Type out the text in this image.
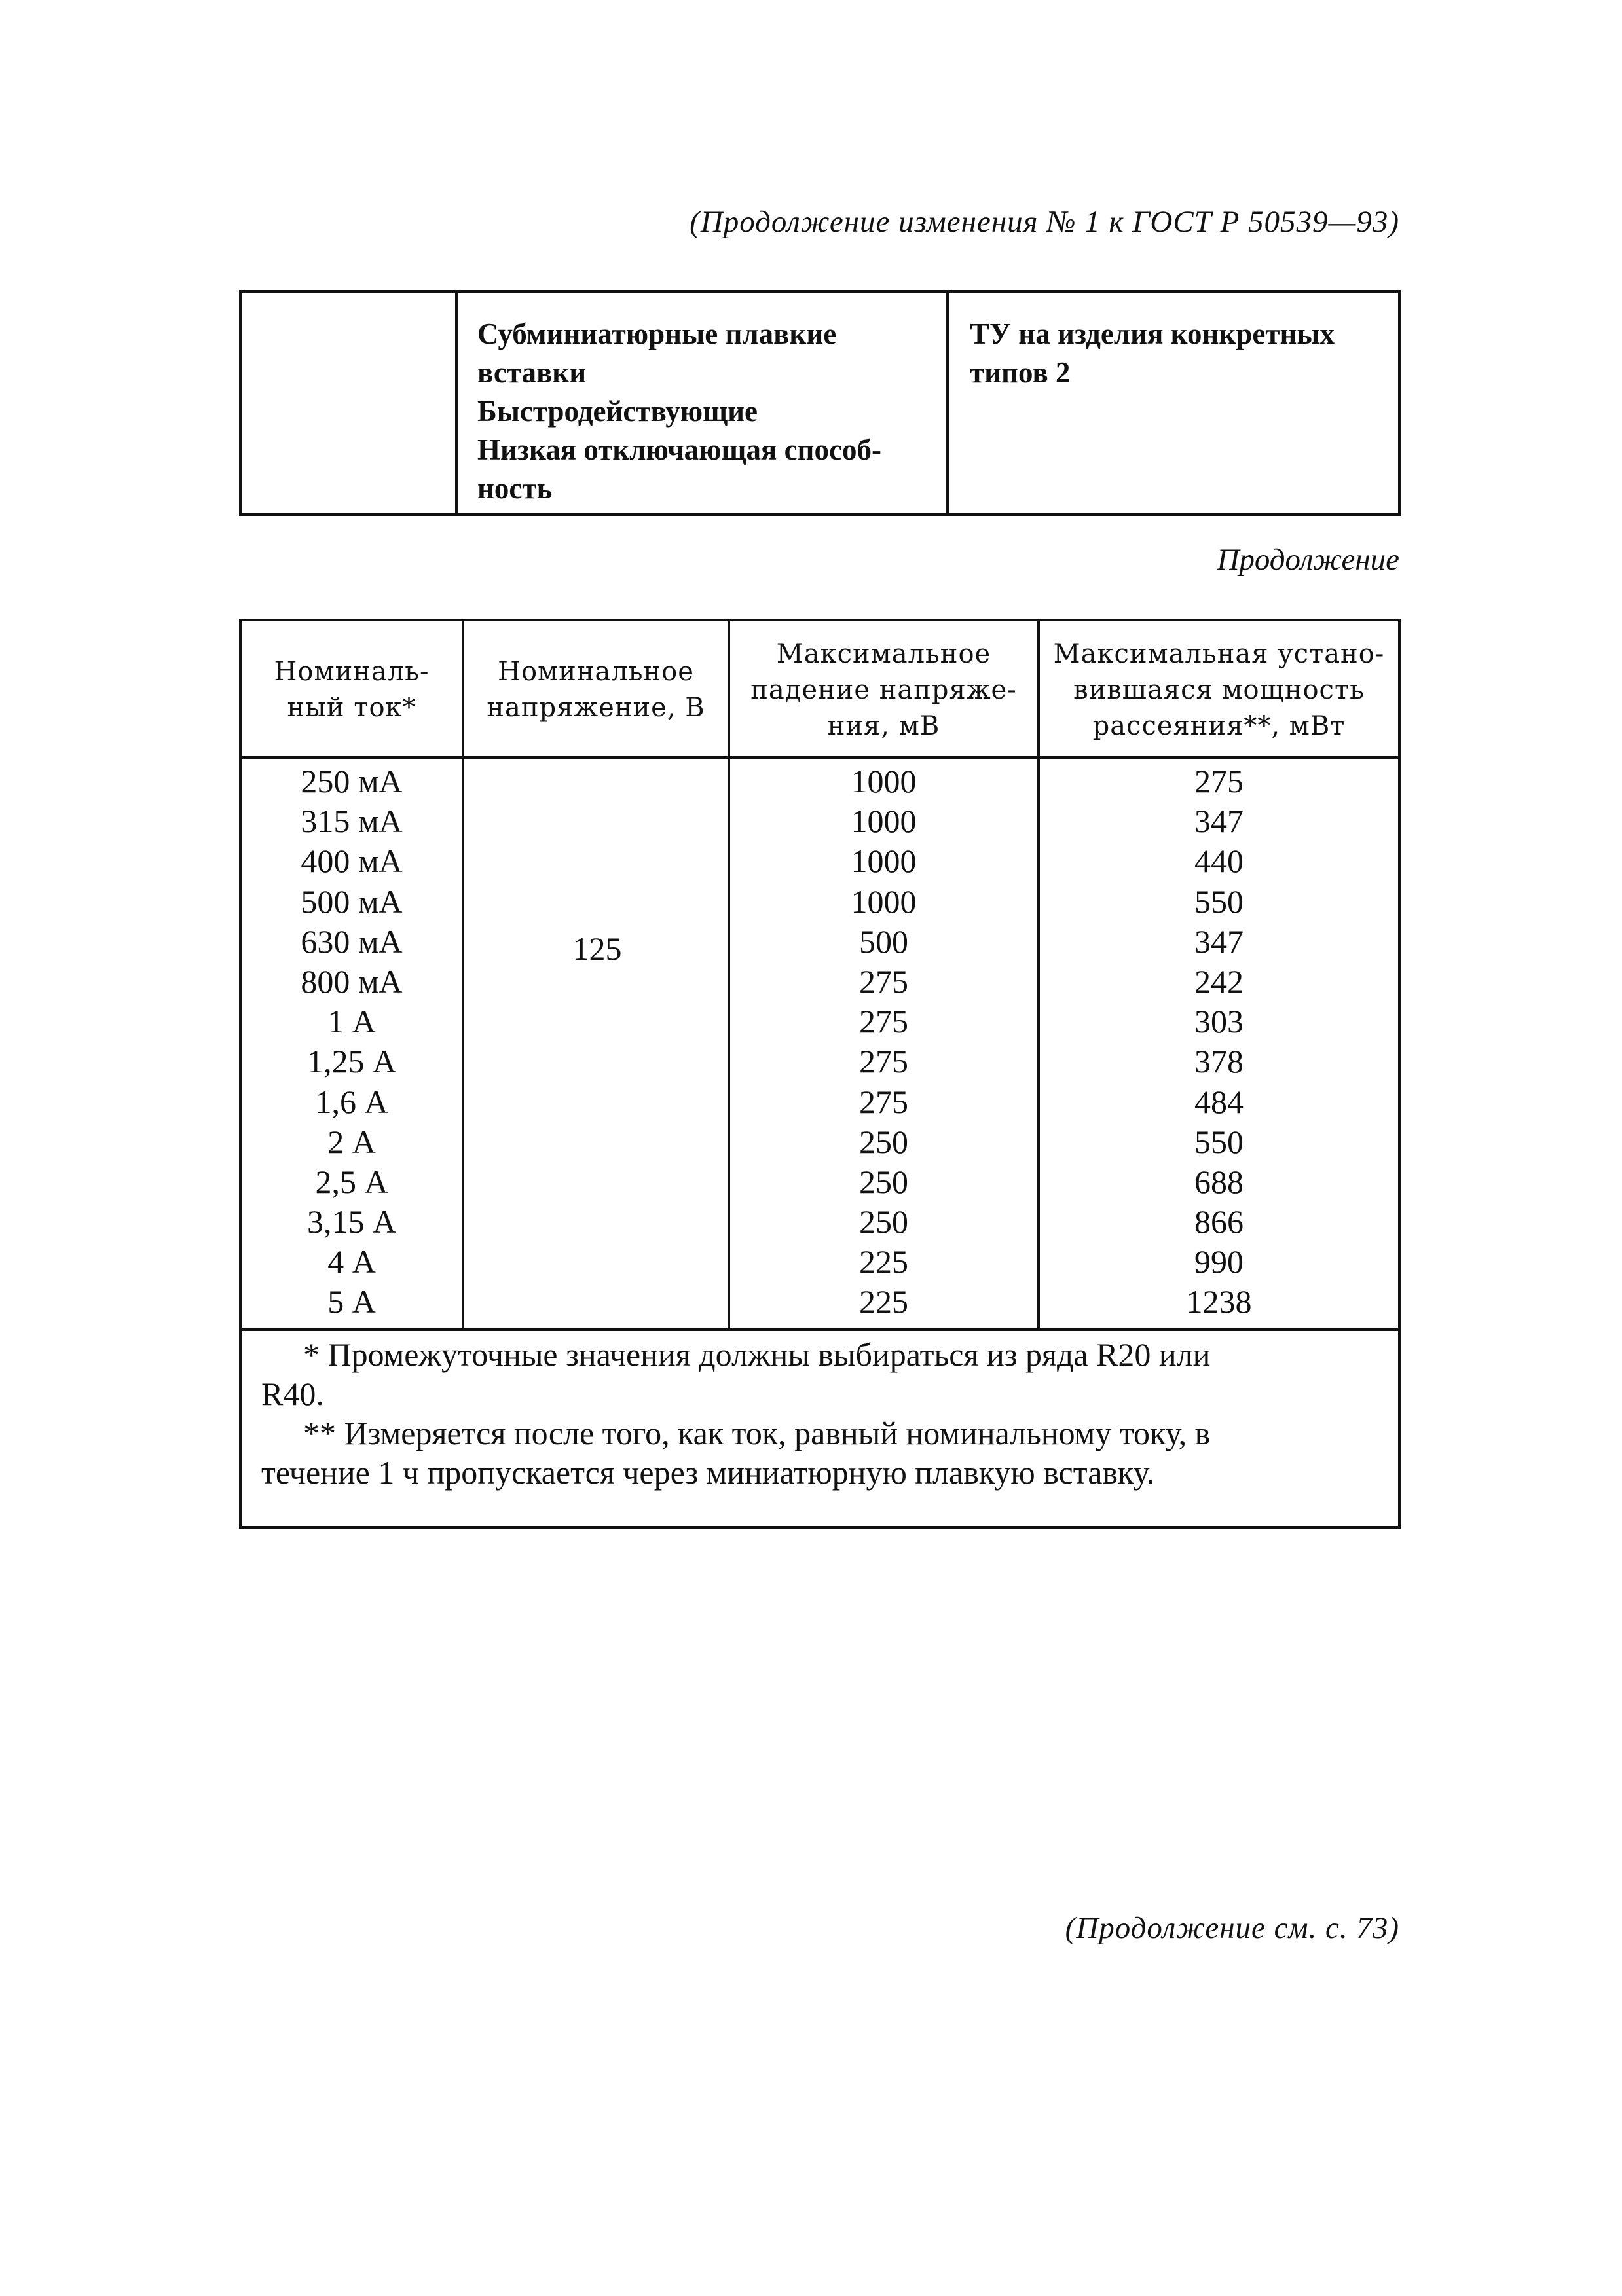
(Продолжение изменения № 1 к ГОСТ Р 50539—93)
Субминиатюрные плавкие
вставки
Быстродействующие
Низкая отключающая способ-
ность
ТУ на изделия конкретных
типов 2
Продолжение
Номиналь-
ный ток*
Номинальное
напряжение, В
Максимальное
падение напряже-
ния, мВ
Максимальная устано-
вившаяся мощность
рассеяния**, мВт
250 мА
315 мА
400 мА
500 мА
630 мА
800 мА
1 А
1,25 А
1,6 А
2 А
2,5 А
3,15 А
4 А
5 А
1000
1000
1000
1000
500
275
275
275
275
250
250
250
225
225
275
347
440
550
347
242
303
378
484
550
688
866
990
1238
125
* Промежуточные значения должны выбираться из ряда R20 или
R40.
** Измеряется после того, как ток, равный номинальному току, в
течение 1 ч пропускается через миниатюрную плавкую вставку.
(Продолжение см. с. 73)
